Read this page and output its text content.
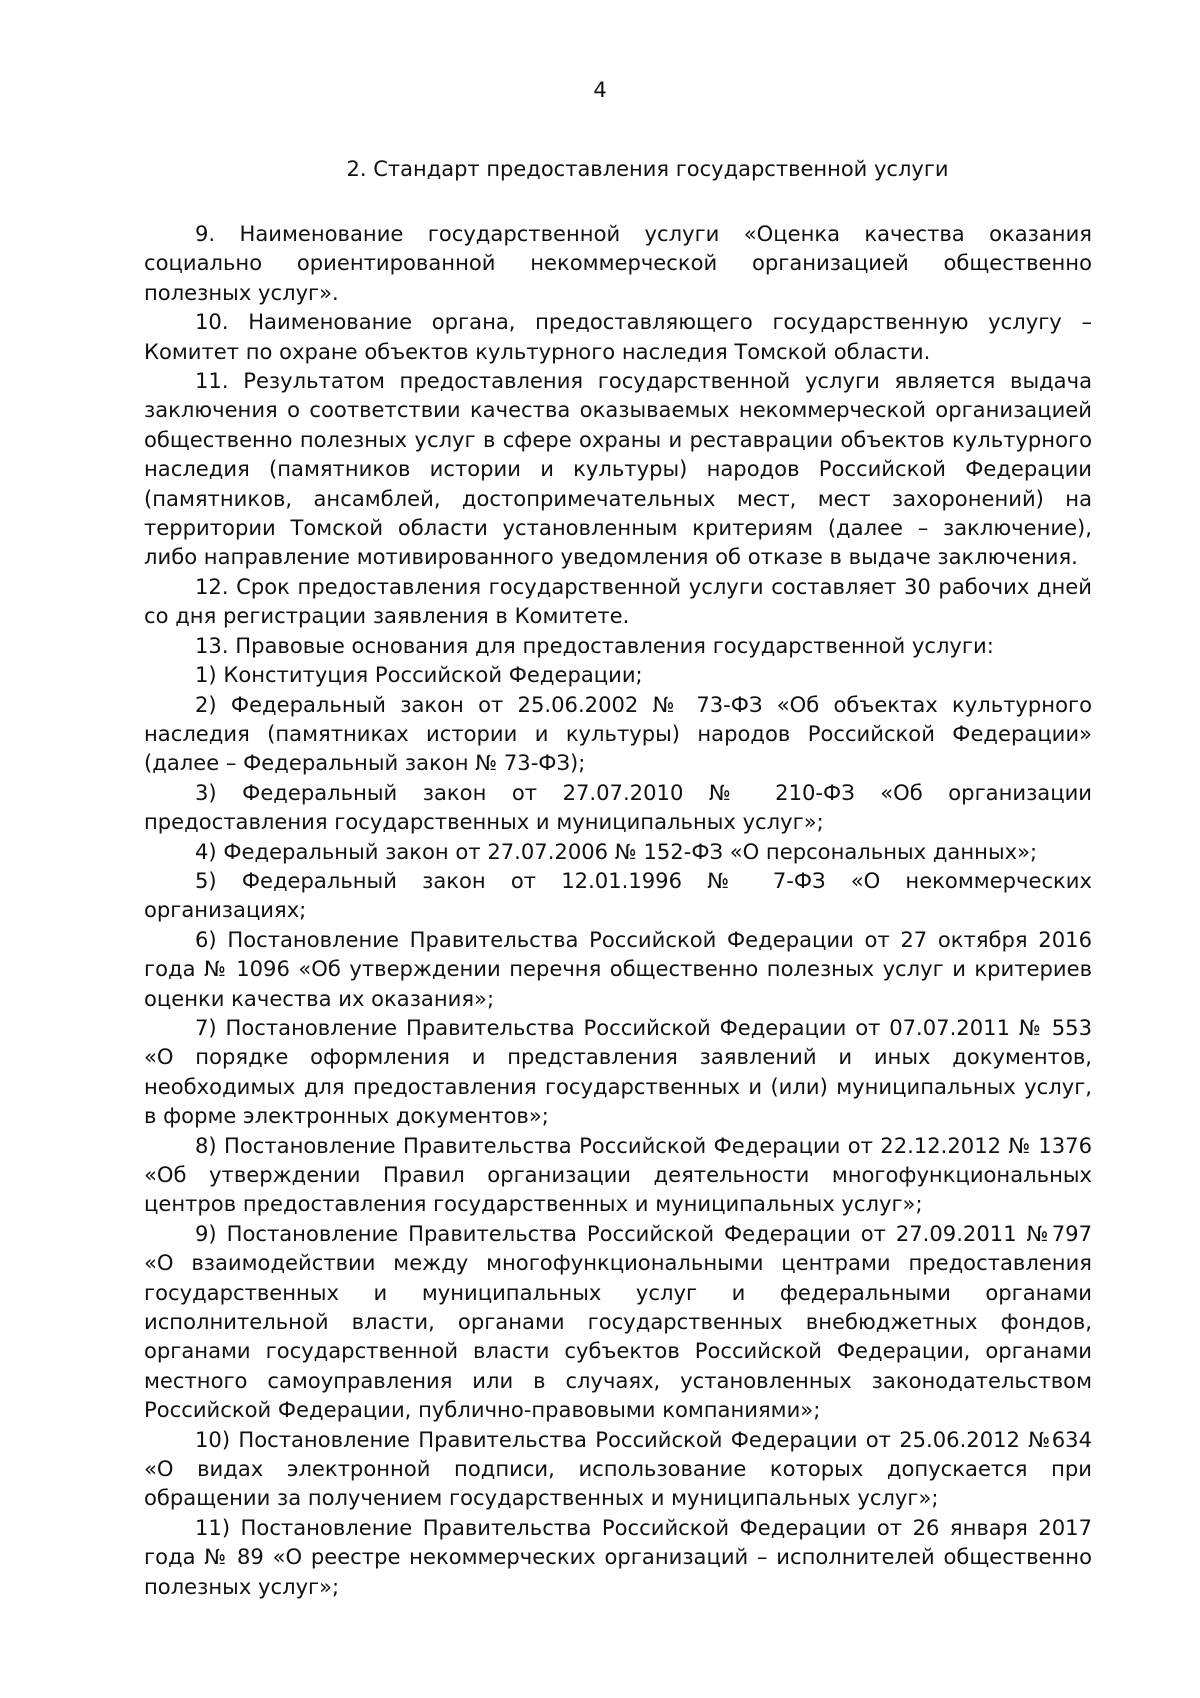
4
2. Стандарт предоставления государственной услуги

9. Наименование государственной услуги «Оценка качества оказания социально ориентированной некоммерческой организацией общественно полезных услуг».

10. Наименование органа, предоставляющего государственную услугу – Комитет по охране объектов культурного наследия Томской области.

11. Результатом предоставления государственной услуги является выдача заключения о соответствии качества оказываемых некоммерческой организацией общественно полезных услуг в сфере охраны и реставрации объектов культурного наследия (памятников истории и культуры) народов Российской Федерации (памятников, ансамблей, достопримечательных мест, мест захоронений) на территории Томской области установленным критериям (далее – заключение), либо направление мотивированного уведомления об отказе в выдаче заключения.

12. Срок предоставления государственной услуги составляет 30 рабочих дней со дня регистрации заявления в Комитете.

13. Правовые основания для предоставления государственной услуги:

1) Конституция Российской Федерации;

2) Федеральный закон от 25.06.2002 № 73-ФЗ «Об объектах культурного наследия (памятниках истории и культуры) народов Российской Федерации» (далее – Федеральный закон № 73-ФЗ);

3) Федеральный закон от 27.07.2010 № 210-ФЗ «Об организации предоставления государственных и муниципальных услуг»;

4) Федеральный закон от 27.07.2006 № 152-ФЗ «О персональных данных»;

5) Федеральный закон от 12.01.1996 № 7-ФЗ «О некоммерческих организациях;

6) Постановление Правительства Российской Федерации от 27 октября 2016 года № 1096 «Об утверждении перечня общественно полезных услуг и критериев оценки качества их оказания»;

7) Постановление Правительства Российской Федерации от 07.07.2011 № 553 «О порядке оформления и представления заявлений и иных документов, необходимых для предоставления государственных и (или) муниципальных услуг, в форме электронных документов»;

8) Постановление Правительства Российской Федерации от 22.12.2012 № 1376 «Об утверждении Правил организации деятельности многофункциональных центров предоставления государственных и муниципальных услуг»;

9) Постановление Правительства Российской Федерации от 27.09.2011 №797 «О взаимодействии между многофункциональными центрами предоставления государственных и муниципальных услуг и федеральными органами исполнительной власти, органами государственных внебюджетных фондов, органами государственной власти субъектов Российской Федерации, органами местного самоуправления или в случаях, установленных законодательством Российской Федерации, публично-правовыми компаниями»;

10) Постановление Правительства Российской Федерации от 25.06.2012 №634 «О видах электронной подписи, использование которых допускается при обращении за получением государственных и муниципальных услуг»;

11) Постановление Правительства Российской Федерации от 26 января 2017 года № 89 «О реестре некоммерческих организаций – исполнителей общественно полезных услуг»;
